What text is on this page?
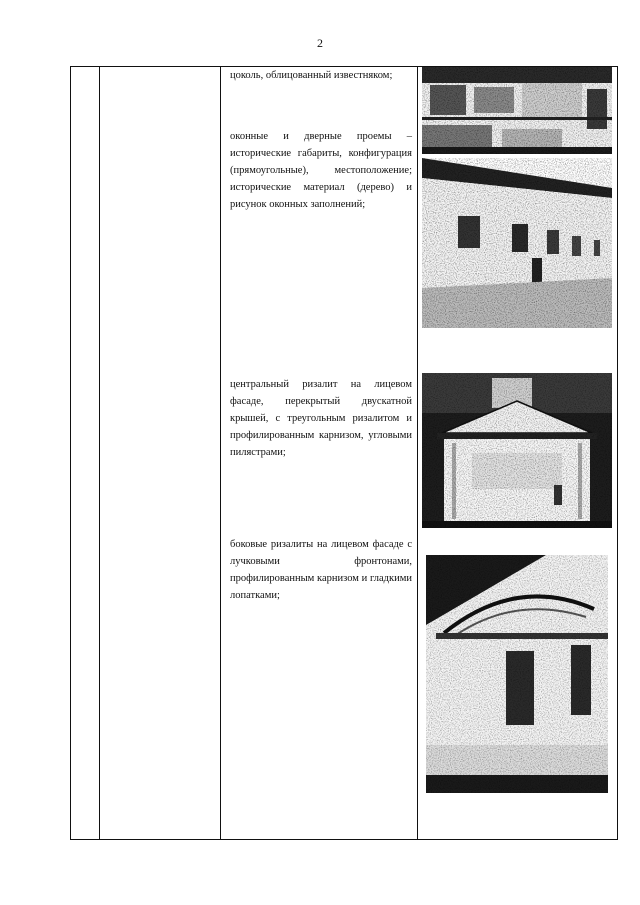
2

цоколь, облицованный известняком;

оконные и дверные проемы – исторические габариты, конфигурация (прямоугольные), местоположение; исторические материал (дерево) и рисунок оконных заполнений;

центральный ризалит на лицевом фасаде, перекрытый двускатной крышей, с треугольным ризалитом и профилированным карнизом, угловыми пилястрами;

боковые ризалиты на лицевом фасаде с лучковыми фронтонами, профилированным карнизом и гладкими лопатками;
